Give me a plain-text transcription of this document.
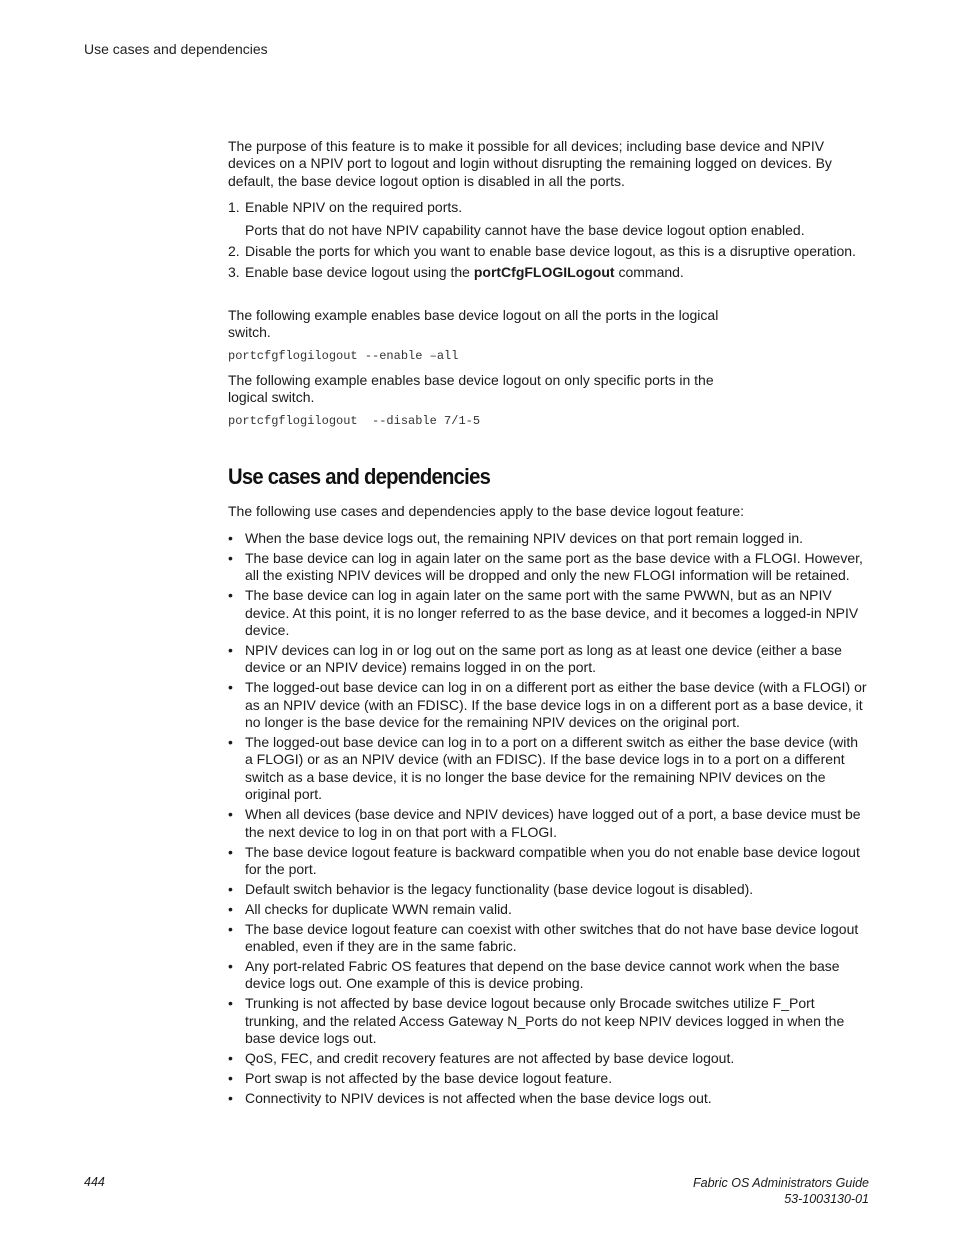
Use cases and dependencies

The purpose of this feature is to make it possible for all devices; including base device and NPIV devices on a NPIV port to logout and login without disrupting the remaining logged on devices. By default, the base device logout option is disabled in all the ports.

1. Enable NPIV on the required ports.
Ports that do not have NPIV capability cannot have the base device logout option enabled.
2. Disable the ports for which you want to enable base device logout, as this is a disruptive operation.
3. Enable base device logout using the portCfgFLOGILogout command.

The following example enables base device logout on all the ports in the logical switch.

portcfgflogilogout --enable –all

The following example enables base device logout on only specific ports in the logical switch.

portcfgflogilogout  --disable 7/1-5
Use cases and dependencies

The following use cases and dependencies apply to the base device logout feature:

• When the base device logs out, the remaining NPIV devices on that port remain logged in.
• The base device can log in again later on the same port as the base device with a FLOGI. However, all the existing NPIV devices will be dropped and only the new FLOGI information will be retained.
• The base device can log in again later on the same port with the same PWWN, but as an NPIV device. At this point, it is no longer referred to as the base device, and it becomes a logged-in NPIV device.
• NPIV devices can log in or log out on the same port as long as at least one device (either a base device or an NPIV device) remains logged in on the port.
• The logged-out base device can log in on a different port as either the base device (with a FLOGI) or as an NPIV device (with an FDISC). If the base device logs in on a different port as a base device, it no longer is the base device for the remaining NPIV devices on the original port.
• The logged-out base device can log in to a port on a different switch as either the base device (with a FLOGI) or as an NPIV device (with an FDISC). If the base device logs in to a port on a different switch as a base device, it is no longer the base device for the remaining NPIV devices on the original port.
• When all devices (base device and NPIV devices) have logged out of a port, a base device must be the next device to log in on that port with a FLOGI.
• The base device logout feature is backward compatible when you do not enable base device logout for the port.
• Default switch behavior is the legacy functionality (base device logout is disabled).
• All checks for duplicate WWN remain valid.
• The base device logout feature can coexist with other switches that do not have base device logout enabled, even if they are in the same fabric.
• Any port-related Fabric OS features that depend on the base device cannot work when the base device logs out. One example of this is device probing.
• Trunking is not affected by base device logout because only Brocade switches utilize F_Port trunking, and the related Access Gateway N_Ports do not keep NPIV devices logged in when the base device logs out.
• QoS, FEC, and credit recovery features are not affected by base device logout.
• Port swap is not affected by the base device logout feature.
• Connectivity to NPIV devices is not affected when the base device logs out.
444	Fabric OS Administrators Guide
53-1003130-01
